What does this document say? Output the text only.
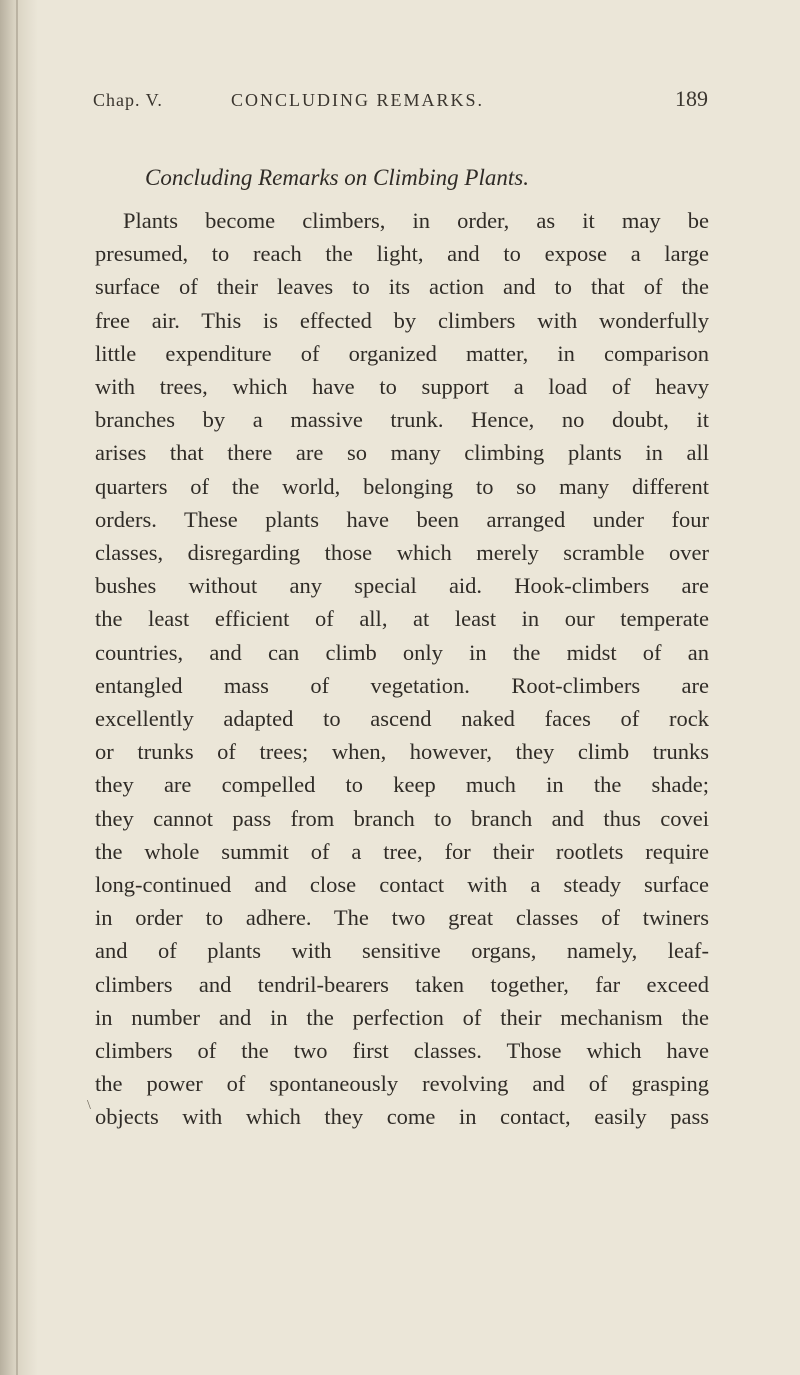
Chap. V.	CONCLUDING REMARKS.	189
Concluding Remarks on Climbing Plants.
Plants become climbers, in order, as it may be
presumed, to reach the light, and to expose a large
surface of their leaves to its action and to that of the
free air. This is effected by climbers with wonderfully
little expenditure of organized matter, in comparison
with trees, which have to support a load of heavy
branches by a massive trunk. Hence, no doubt, it
arises that there are so many climbing plants in all
quarters of the world, belonging to so many different
orders. These plants have been arranged under four
classes, disregarding those which merely scramble over
bushes without any special aid. Hook-climbers are
the least efficient of all, at least in our temperate
countries, and can climb only in the midst of an
entangled mass of vegetation. Root-climbers are
excellently adapted to ascend naked faces of rock
or trunks of trees; when, however, they climb trunks
they are compelled to keep much in the shade;
they cannot pass from branch to branch and thus covei
the whole summit of a tree, for their rootlets require
long-continued and close contact with a steady surface
in order to adhere. The two great classes of twiners
and of plants with sensitive organs, namely, leaf-
climbers and tendril-bearers taken together, far exceed
in number and in the perfection of their mechanism the
climbers of the two first classes. Those which have
the power of spontaneously revolving and of grasping
objects with which they come in contact, easily pass
\
